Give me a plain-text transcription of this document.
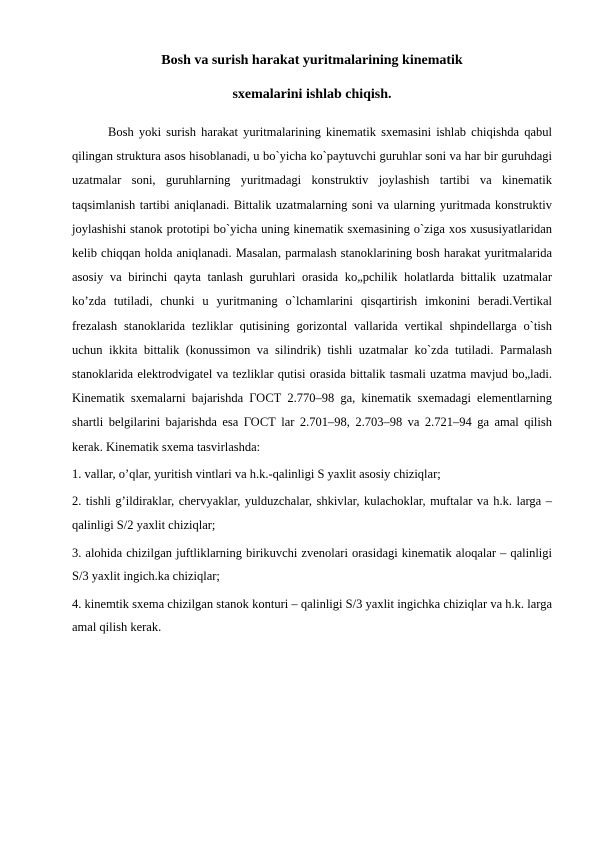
Bosh va surish harakat yuritmalarining kinematik

sxemalarini ishlab chiqish.

Bosh yoki surish harakat yuritmalarining kinematik sxemasini ishlab chiqishda qabul qilingan struktura asos hisoblanadi, u bo`yicha ko`paytuvchi guruhlar soni va har bir guruhdagi uzatmalar soni, guruhlarning yuritmadagi konstruktiv joylashish tartibi va kinematik taqsimlanish tartibi aniqlanadi. Bittalik uzatmalarning soni va ularning yuritmada konstruktiv joylashishi stanok prototipi bo`yicha uning kinematik sxemasining o`ziga xos xususiyatlaridan kelib chiqqan holda aniqlanadi. Masalan, parmalash stanoklarining bosh harakat yuritmalarida asosiy va birinchi qayta tanlash guruhlari orasida ko„pchilik holatlarda bittalik uzatmalar ko’zda tutiladi, chunki u yuritmaning o`lchamlarini qisqartirish imkonini beradi.Vertikal frezalash stanoklarida tezliklar qutisining gorizontal vallarida vertikal shpindellarga o`tish uchun ikkita bittalik (konussimon va silindrik) tishli uzatmalar ko`zda tutiladi. Parmalash stanoklarida elektrodvigatel va tezliklar qutisi orasida bittalik tasmali uzatma mavjud bo„ladi. Kinematik sxemalarni bajarishda ГОСТ 2.770–98 ga, kinematik sxemadagi elementlarning shartli belgilarini bajarishda esa ГОСТ lar 2.701–98, 2.703–98 va 2.721–94 ga amal qilish kerak. Kinematik sxema tasvirlashda:
1. vallar, o’qlar, yuritish vintlari va h.k.-qalinligi S yaxlit asosiy chiziqlar;
2. tishli g’ildiraklar, chervyaklar, yulduzchalar, shkivlar, kulachoklar, muftalar va h.k. larga – qalinligi S/2 yaxlit chiziqlar;
3. alohida chizilgan juftliklarning birikuvchi zvenolari orasidagi kinematik aloqalar – qalinligi S/3 yaxlit ingich.ka chiziqlar;
4. kinemtik sxema chizilgan stanok konturi – qalinligi S/3 yaxlit ingichka chiziqlar va h.k. larga amal qilish kerak.
